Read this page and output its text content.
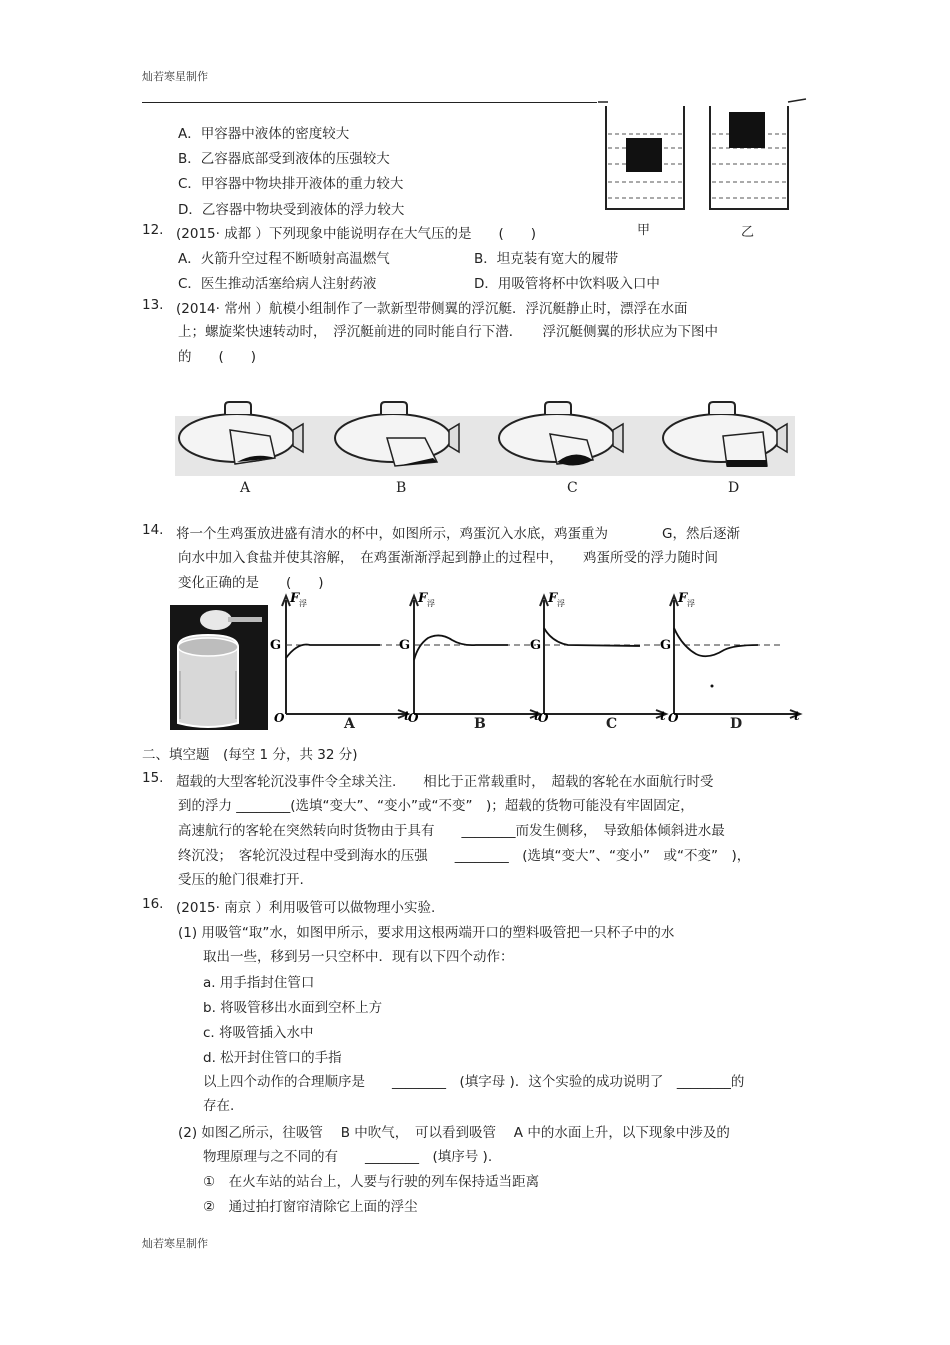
灿若寒星制作
A．甲容器中液体的密度较大
B．乙容器底部受到液体的压强较大
C．甲容器中物块排开液体的重力较大
D．乙容器中物块受到液体的浮力较大
甲	乙
12. (2015· 成都 ）下列现象中能说明存在大气压的是　　(　　)
A．火箭升空过程不断喷射高温燃气	B．坦克装有宽大的履带
C．医生推动活塞给病人注射药液	D．用吸管将杯中饮料吸入口中
13. (2014· 常州 ）航模小组制作了一款新型带侧翼的浮沉艇．浮沉艇静止时，漂浮在水面
上；螺旋桨快速转动时，　浮沉艇前进的同时能自行下潜．　　浮沉艇侧翼的形状应为下图中
的　　(　　)
A	B	C	D
14. 将一个生鸡蛋放进盛有清水的杯中，如图所示，鸡蛋沉入水底，鸡蛋重为　　　　G，然后逐渐
向水中加入食盐并使其溶解，　在鸡蛋渐渐浮起到静止的过程中，　　鸡蛋所受的浮力随时间
变化正确的是　　(　　)
F 浮
G
O	t
F 浮
G
O	t
F 浮
G
O	t
F 浮
G
O	t
A	B	C	D
二、填空题　(每空 1 分，共 32 分)
15. 超载的大型客轮沉没事件令全球关注.　　相比于正常载重时，　超载的客轮在水面航行时受
到的浮力 ________(选填“变大”、“变小”或“不变”　)；超载的货物可能没有牢固固定，
高速航行的客轮在突然转向时货物由于具有　　________而发生侧移，　导致船体倾斜进水最
终沉没；　客轮沉没过程中受到海水的压强　　________　(选填“变大”、“变小”　或“不变”　)，
受压的舱门很难打开.
16. (2015· 南京 ）利用吸管可以做物理小实验.
(1) 用吸管“取”水，如图甲所示，要求用这根两端开口的塑料吸管把一只杯子中的水
取出一些，移到另一只空杯中．现有以下四个动作：
a. 用手指封住管口
b. 将吸管移出水面到空杯上方
c. 将吸管插入水中
d. 松开封住管口的手指
以上四个动作的合理顺序是　　________　(填字母 )．这个实验的成功说明了　________的
存在.
(2) 如图乙所示，往吸管　 B 中吹气，　可以看到吸管　 A 中的水面上升，以下现象中涉及的
物理原理与之不同的有　　________　(填序号 ).
①　在火车站的站台上，人要与行驶的列车保持适当距离
②　通过拍打窗帘清除它上面的浮尘
灿若寒星制作
